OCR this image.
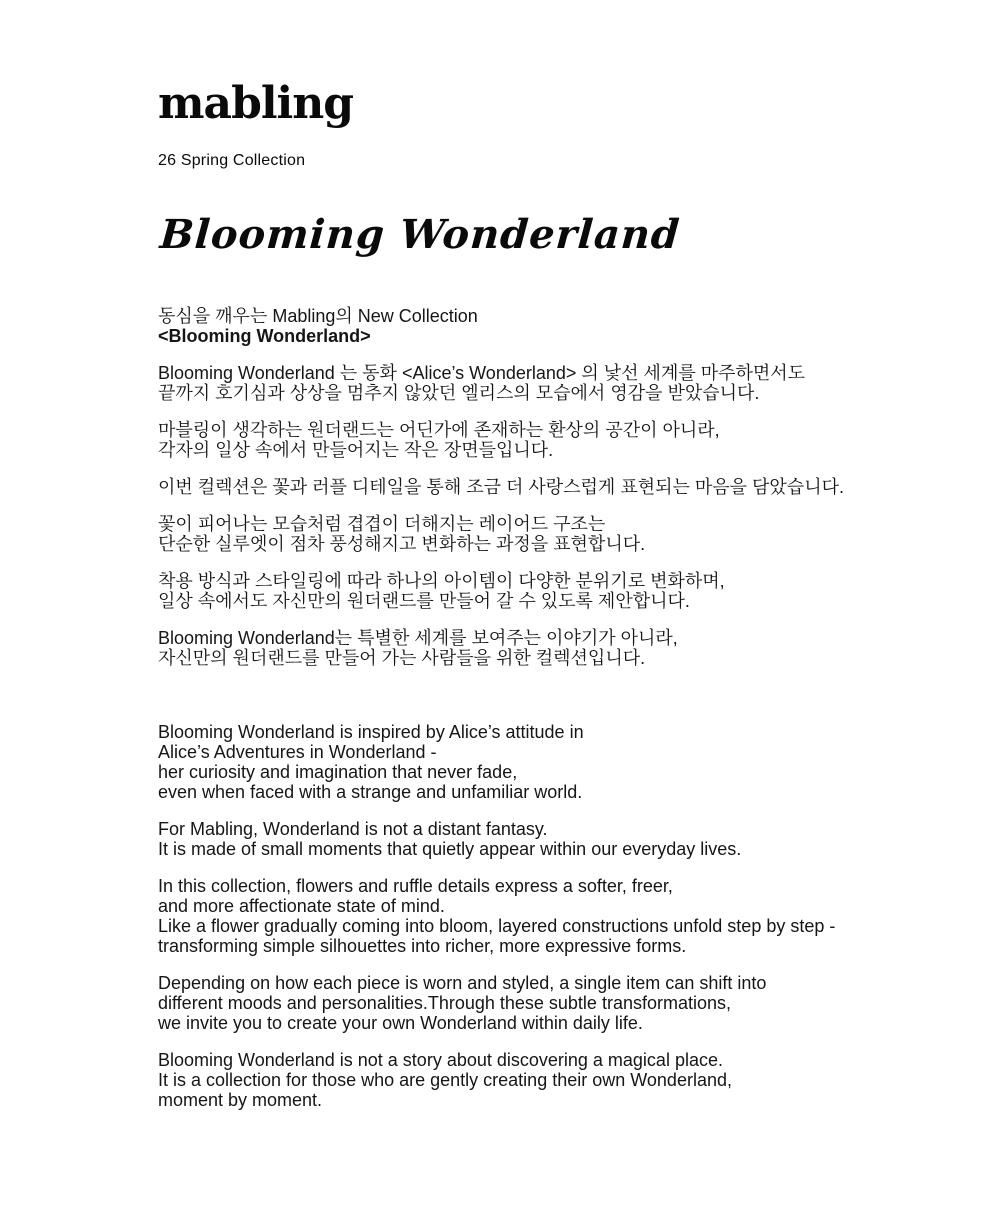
mabling
26 Spring Collection
Blooming Wonderland

동심을 깨우는 Mabling의 New Collection
<Blooming Wonderland>

Blooming Wonderland 는 동화 <Alice’s Wonderland> 의 낯선 세계를 마주하면서도
끝까지 호기심과 상상을 멈추지 않았던 엘리스의 모습에서 영감을 받았습니다.

마블링이 생각하는 원더랜드는 어딘가에 존재하는 환상의 공간이 아니라,
각자의 일상 속에서 만들어지는 작은 장면들입니다.

이번 컬렉션은 꽃과 러플 디테일을 통해 조금 더 사랑스럽게 표현되는 마음을 담았습니다.

꽃이 피어나는 모습처럼 겹겹이 더해지는 레이어드 구조는
단순한 실루엣이 점차 풍성해지고 변화하는 과정을 표현합니다.

착용 방식과 스타일링에 따라 하나의 아이템이 다양한 분위기로 변화하며,
일상 속에서도 자신만의 원더랜드를 만들어 갈 수 있도록 제안합니다.

Blooming Wonderland는 특별한 세계를 보여주는 이야기가 아니라,
자신만의 원더랜드를 만들어 가는 사람들을 위한 컬렉션입니다.

Blooming Wonderland is inspired by Alice’s attitude in
Alice’s Adventures in Wonderland -
her curiosity and imagination that never fade,
even when faced with a strange and unfamiliar world.

For Mabling, Wonderland is not a distant fantasy.
It is made of small moments that quietly appear within our everyday lives.

In this collection, flowers and ruffle details express a softer, freer,
and more affectionate state of mind.
Like a flower gradually coming into bloom, layered constructions unfold step by step -
transforming simple silhouettes into richer, more expressive forms.

Depending on how each piece is worn and styled, a single item can shift into
different moods and personalities.Through these subtle transformations,
we invite you to create your own Wonderland within daily life.

Blooming Wonderland is not a story about discovering a magical place.
It is a collection for those who are gently creating their own Wonderland,
moment by moment.
